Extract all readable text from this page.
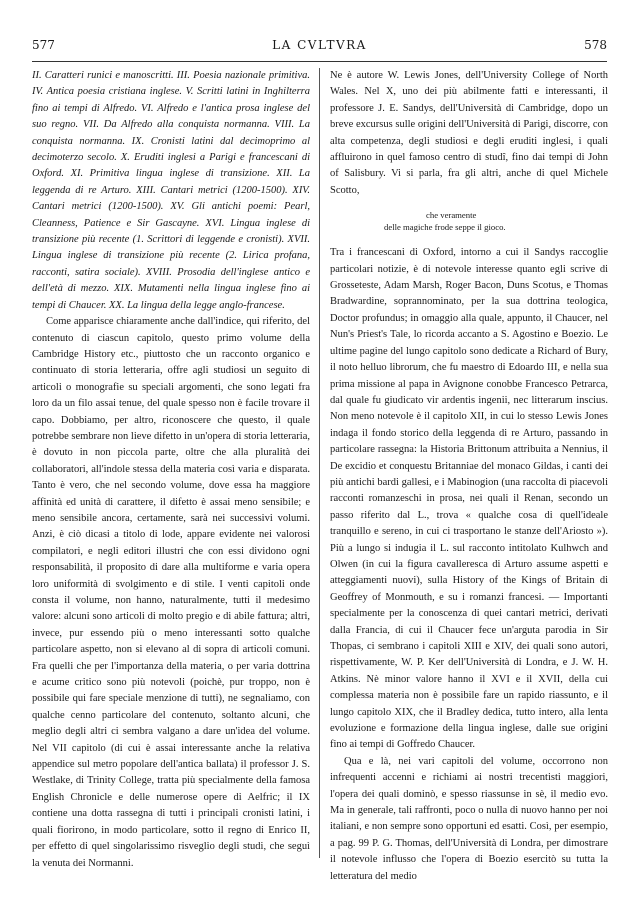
577	LA CVLTVRA	578

II. Caratteri runici e manoscritti. III. Poesia nazionale primitiva. IV. Antica poesia cristiana inglese. V. Scritti latini in Inghilterra fino ai tempi di Alfredo. VI. Alfredo e l'antica prosa inglese del suo regno. VII. Da Alfredo alla conquista normanna. VIII. La conquista normanna. IX. Cronisti latini dal decimoprimo al decimoterzo secolo. X. Eruditi inglesi a Parigi e francescani di Oxford. XI. Primitiva lingua inglese di transizione. XII. La leggenda di re Arturo. XIII. Cantari metrici (1200-1500). XIV. Cantari metrici (1200-1500). XV. Gli antichi poemi: Pearl, Cleanness, Patience e Sir Gascayne. XVI. Lingua inglese di transizione più recente (1. Scrittori di leggende e cronisti). XVII. Lingua inglese di transizione più recente (2. Lirica profana, racconti, satira sociale). XVIII. Prosodia dell'inglese antico e dell'età di mezzo. XIX. Mutamenti nella lingua inglese fino ai tempi di Chaucer. XX. La lingua della legge anglo-francese.

Come apparisce chiaramente anche dall'indice, qui riferito, del contenuto di ciascun capitolo, questo primo volume della Cambridge History etc., piuttosto che un racconto organico e continuato di storia letteraria, offre agli studiosi un seguito di articoli o monografie su speciali argomenti, che sono legati fra loro da un filo assai tenue, del quale spesso non è facile trovare il capo. Dobbiamo, per altro, riconoscere che questo, il quale potrebbe sembrare non lieve difetto in un'opera di storia letteraria, è dovuto in non piccola parte, oltre che alla pluralità dei collaboratori, all'indole stessa della materia così varia e disparata. Tanto è vero, che nel secondo volume, dove essa ha maggiore affinità ed unità di carattere, il difetto è assai meno sensibile; e meno sensibile ancora, certamente, sarà nei successivi volumi. Anzi, è ciò dicasi a titolo di lode, appare evidente nei valorosi compilatori, e negli editori illustri che con essi dividono ogni responsabilità, il proposito di dare alla multiforme e varia opera loro uniformità di svolgimento e di stile. I venti capitoli onde consta il volume, non hanno, naturalmente, tutti il medesimo valore: alcuni sono articoli di molto pregio e di abile fattura; altri, invece, pur essendo più o meno interessanti sotto qualche particolare aspetto, non si elevano al di sopra di articoli comuni. Fra quelli che per l'importanza della materia, o per varia dottrina e acume critico sono più notevoli (poichè, pur troppo, non è possibile qui fare speciale menzione di tutti), ne segnaliamo, con qualche cenno particolare del contenuto, soltanto alcuni, che meglio degli altri ci sembra valgano a dare un'idea del volume. Nel VII capitolo (di cui è assai interessante anche la relativa appendice sul metro popolare dell'antica ballata) il professor J. S. Westlake, di Trinity College, tratta più specialmente della famosa English Chronicle e delle numerose opere di Aelfric; il IX contiene una dotta rassegna di tutti i principali cronisti latini, i quali fiorirono, in modo particolare, sotto il regno di Enrico II, per effetto di quel singolarissimo risveglio degli studi, che seguì la venuta dei Normanni.

Ne è autore W. Lewis Jones, dell'University College of North Wales. Nel X, uno dei più abilmente fatti e interessanti, il professore J. E. Sandys, dell'Università di Cambridge, dopo un breve excursus sulle origini dell'Università di Parigi, discorre, con alta competenza, degli studiosi e degli eruditi inglesi, i quali affluirono in quel famoso centro di studî, fino dai tempi di John of Salisbury. Vi si parla, fra gli altri, anche di quel Michele Scotto,

che veramente
delle magiche frode seppe il gioco.

Tra i francescani di Oxford, intorno a cui il Sandys raccoglie particolari notizie, è di notevole interesse quanto egli scrive di Grosseteste, Adam Marsh, Roger Bacon, Duns Scotus, e Thomas Bradwardine, soprannominato, per la sua dottrina teologica, Doctor profundus; in omaggio alla quale, appunto, il Chaucer, nel Nun's Priest's Tale, lo ricorda accanto a S. Agostino e Boezio. Le ultime pagine del lungo capitolo sono dedicate a Richard of Bury, il noto helluo librorum, che fu maestro di Edoardo III, e nella sua prima missione al papa in Avignone conobbe Francesco Petrarca, dal quale fu giudicato vir ardentis ingenii, nec litterarum inscius. Non meno notevole è il capitolo XII, in cui lo stesso Lewis Jones indaga il fondo storico della leggenda di re Arturo, passando in particolare rassegna: la Historia Brittonum attribuita a Nennius, il De excidio et conquestu Britanniae del monaco Gildas, i canti dei più antichi bardi gallesi, e i Mabinogion (una raccolta di piacevoli racconti romanzeschi in prosa, nei quali il Renan, secondo un passo riferito dal L., trova « qualche cosa di quell'ideale tranquillo e sereno, in cui ci trasportano le stanze dell'Ariosto »). Più a lungo si indugia il L. sul racconto intitolato Kulhwch and Olwen (in cui la figura cavalleresca di Arturo assume aspetti e atteggiamenti nuovi), sulla History of the Kings of Britain di Geoffrey of Monmouth, e su i romanzi francesi. — Importanti specialmente per la conoscenza di quei cantari metrici, derivati dalla Francia, di cui il Chaucer fece un'arguta parodia in Sir Thopas, ci sembrano i capitoli XIII e XIV, dei quali sono autori, rispettivamente, W. P. Ker dell'Università di Londra, e J. W. H. Atkins. Nè minor valore hanno il XVI e il XVII, della cui complessa materia non è possibile fare un rapido riassunto, e il lungo capitolo XIX, che il Bradley dedica, tutto intero, alla lenta evoluzione e formazione della lingua inglese, dalle sue origini fino ai tempi di Goffredo Chaucer.

Qua e là, nei vari capitoli del volume, occorrono non infrequenti accenni e richiami ai nostri trecentisti maggiori, l'opera dei quali dominò, e spesso riassunse in sè, il medio evo. Ma in generale, tali raffronti, poco o nulla di nuovo hanno per noi italiani, e non sempre sono opportuni ed esatti. Così, per esempio, a pag. 99 P. G. Thomas, dell'Università di Londra, per dimostrare il notevole influsso che l'opera di Boezio esercitò su tutta la letteratura del medio
